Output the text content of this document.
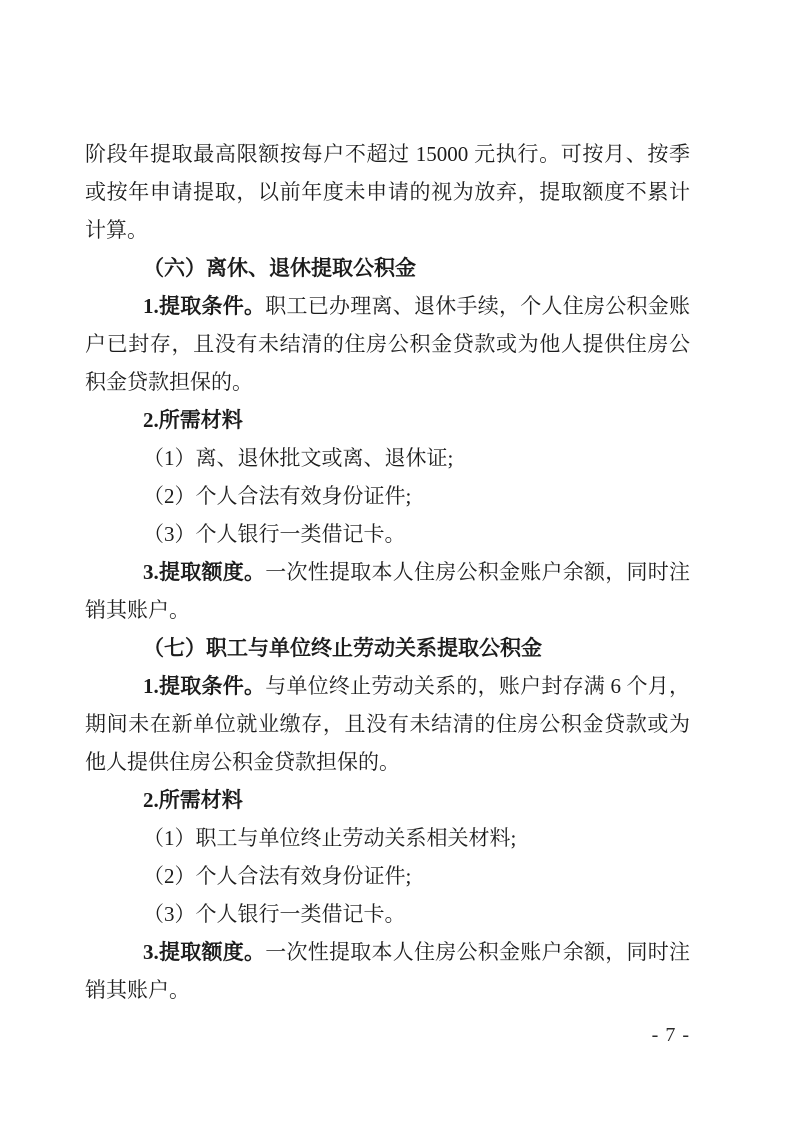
阶段年提取最高限额按每户不超过 15000 元执行。可按月、按季或按年申请提取，以前年度未申请的视为放弃，提取额度不累计计算。

（六）离休、退休提取公积金

1.提取条件。职工已办理离、退休手续，个人住房公积金账户已封存，且没有未结清的住房公积金贷款或为他人提供住房公积金贷款担保的。

2.所需材料

（1）离、退休批文或离、退休证;

（2）个人合法有效身份证件;

（3）个人银行一类借记卡。

3.提取额度。一次性提取本人住房公积金账户余额，同时注销其账户。

（七）职工与单位终止劳动关系提取公积金

1.提取条件。与单位终止劳动关系的，账户封存满 6 个月，期间未在新单位就业缴存，且没有未结清的住房公积金贷款或为他人提供住房公积金贷款担保的。

2.所需材料

（1）职工与单位终止劳动关系相关材料;

（2）个人合法有效身份证件;

（3）个人银行一类借记卡。

3.提取额度。一次性提取本人住房公积金账户余额，同时注销其账户。

- 7 -
